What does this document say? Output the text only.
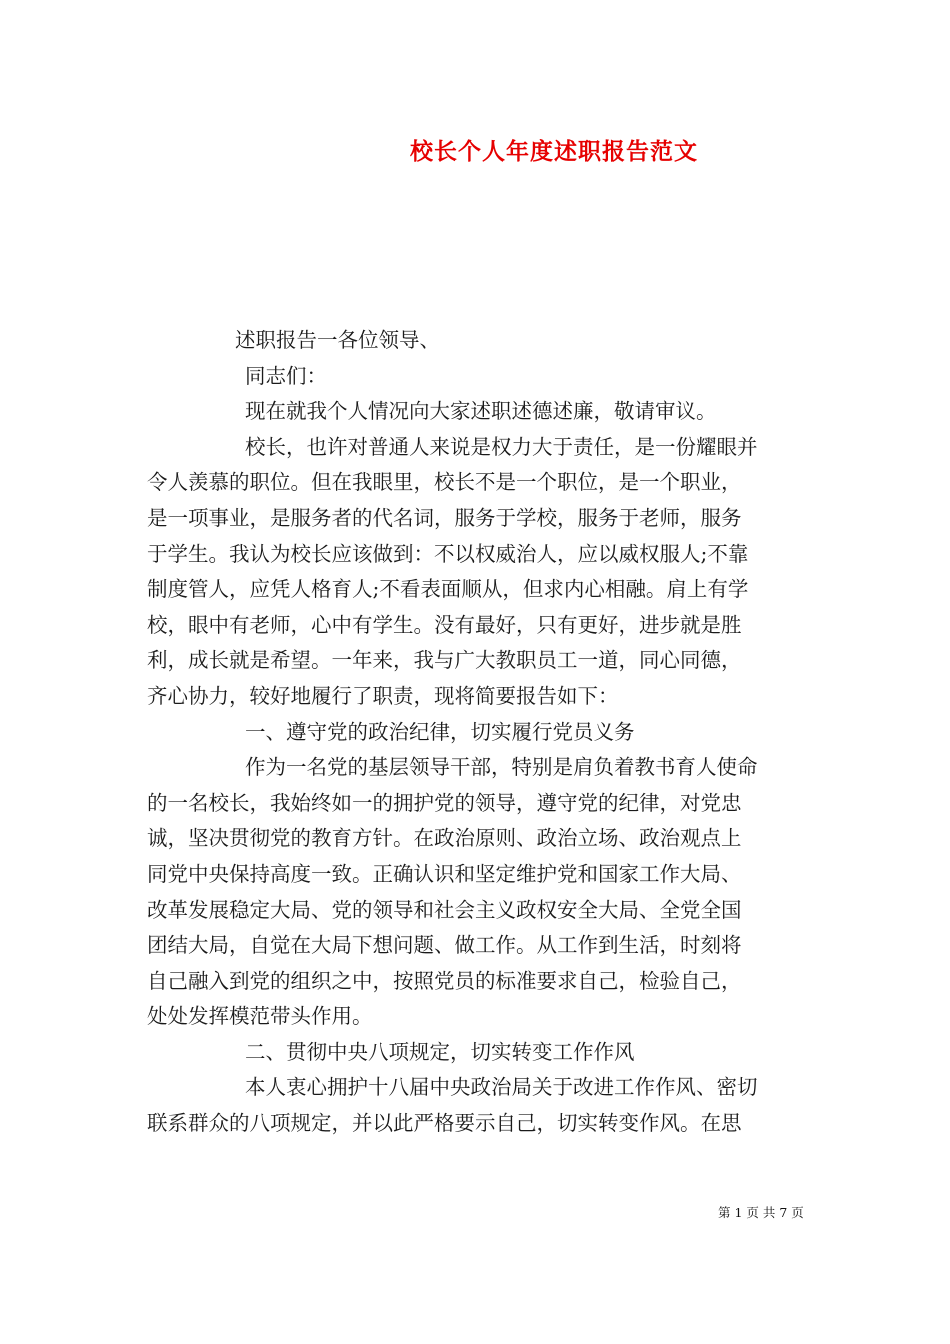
校长个人年度述职报告范文
述职报告一各位领导、
同志们：
现在就我个人情况向大家述职述德述廉，敬请审议。
校长，也许对普通人来说是权力大于责任，是一份耀眼并
令人羡慕的职位。但在我眼里，校长不是一个职位，是一个职业，
是一项事业，是服务者的代名词，服务于学校，服务于老师，服务
于学生。我认为校长应该做到：不以权威治人，应以威权服人;不靠
制度管人，应凭人格育人;不看表面顺从，但求内心相融。肩上有学
校，眼中有老师，心中有学生。没有最好，只有更好，进步就是胜
利，成长就是希望。一年来，我与广大教职员工一道，同心同德，
齐心协力，较好地履行了职责，现将简要报告如下：
一、遵守党的政治纪律，切实履行党员义务
作为一名党的基层领导干部，特别是肩负着教书育人使命
的一名校长，我始终如一的拥护党的领导，遵守党的纪律，对党忠
诚，坚决贯彻党的教育方针。在政治原则、政治立场、政治观点上
同党中央保持高度一致。正确认识和坚定维护党和国家工作大局、
改革发展稳定大局、党的领导和社会主义政权安全大局、全党全国
团结大局，自觉在大局下想问题、做工作。从工作到生活，时刻将
自己融入到党的组织之中，按照党员的标准要求自己，检验自己，
处处发挥模范带头作用。
二、贯彻中央八项规定，切实转变工作作风
本人衷心拥护十八届中央政治局关于改进工作作风、密切
联系群众的八项规定，并以此严格要示自己，切实转变作风。在思
第 1 页 共 7 页
